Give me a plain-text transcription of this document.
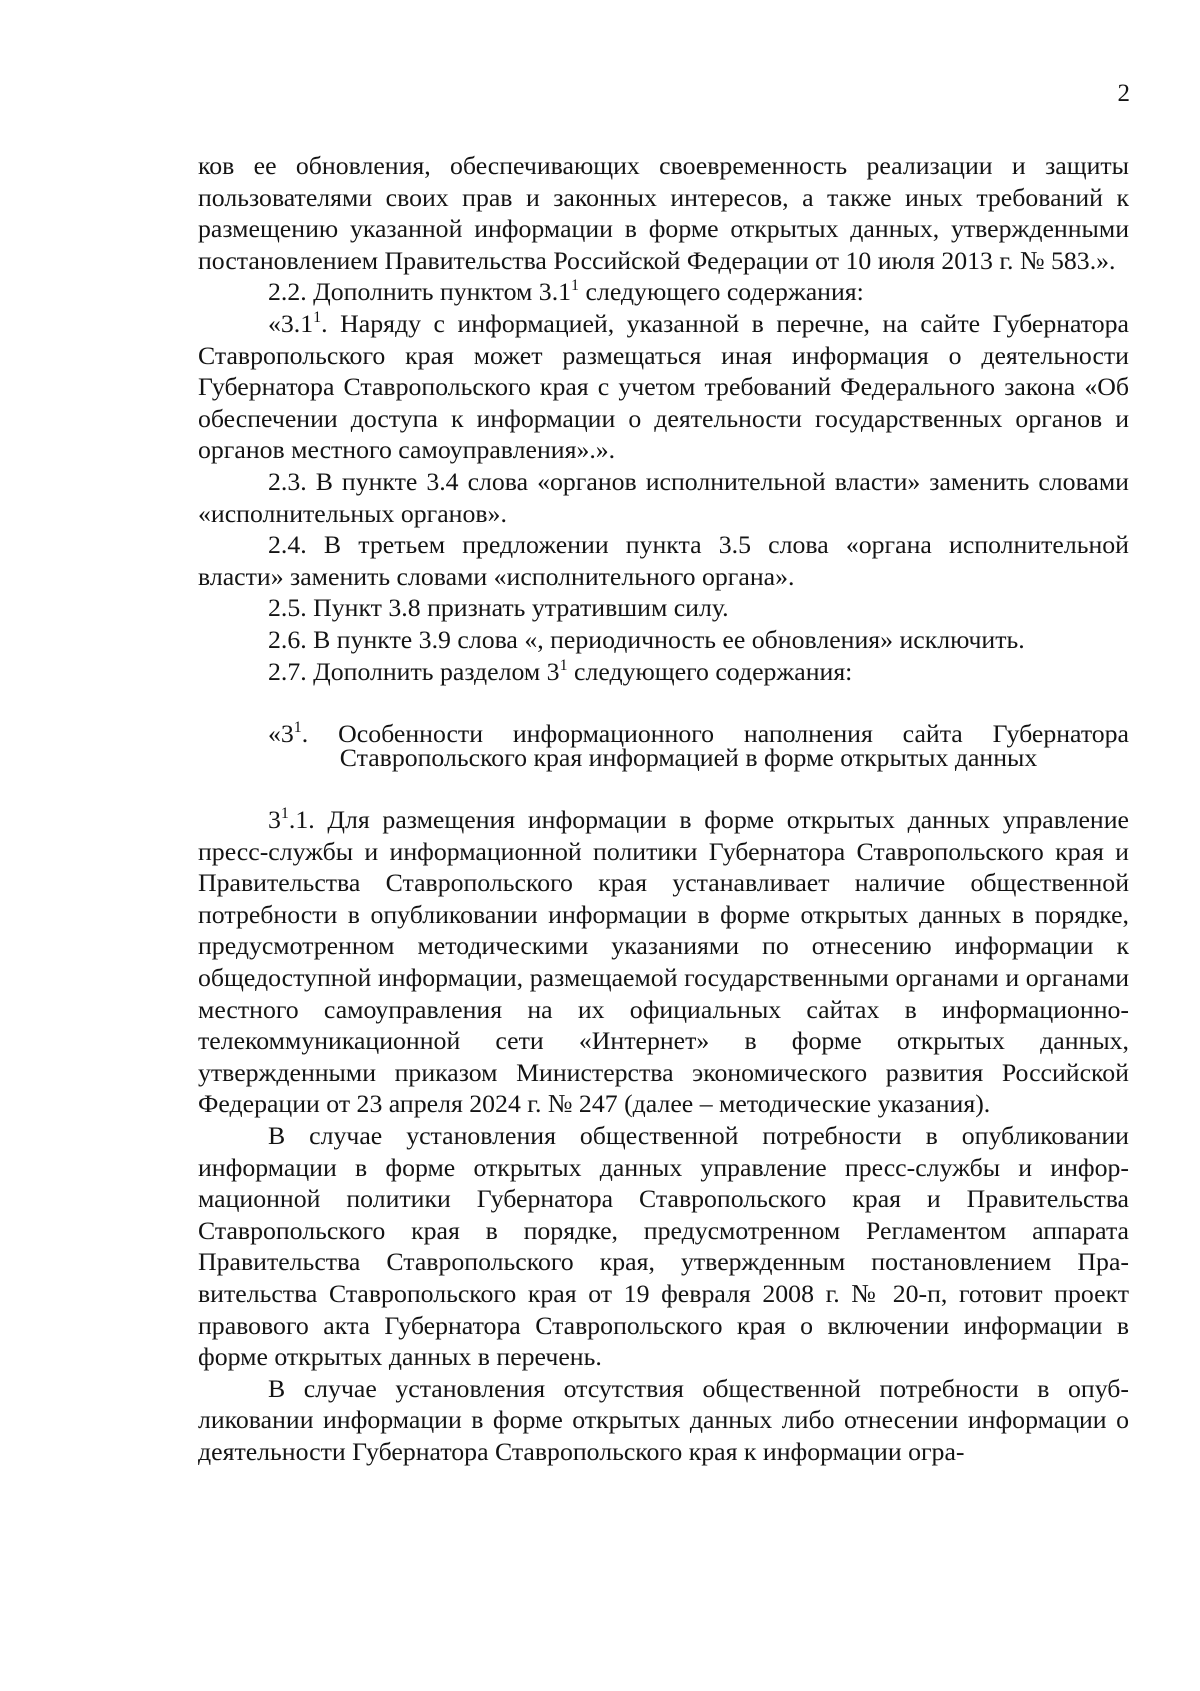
2

ков ее обновления, обеспечивающих своевременность реализации и защиты пользователями своих прав и законных интересов, а также иных требований к размещению указанной информации в форме открытых данных, утвержденными постановлением Правительства Российской Федерации от 10 июля 2013 г. № 583.».

2.2. Дополнить пунктом $3.1^1$ следующего содержания:

«$3.1^1$. Наряду с информацией, указанной в перечне, на сайте Губернатора Ставропольского края может размещаться иная информация о деятельности Губернатора Ставропольского края с учетом требований Федерального закона «Об обеспечении доступа к информации о деятельности государственных органов и органов местного самоуправления».».

2.3. В пункте 3.4 слова «органов исполнительной власти» заменить словами «исполнительных органов».

2.4. В третьем предложении пункта 3.5 слова «органа исполнительной власти» заменить словами «исполнительного органа».

2.5. Пункт 3.8 признать утратившим силу.

2.6. В пункте 3.9 слова «, периодичность ее обновления» исключить.

2.7. Дополнить разделом $3^1$ следующего содержания:

«$3^1$. Особенности информационного наполнения сайта Губернатора
Ставропольского края информацией в форме открытых данных

$3^1.1$. Для размещения информации в форме открытых данных управление пресс-службы и информационной политики Губернатора Ставропольского края и Правительства Ставропольского края устанавливает наличие общественной потребности в опубликовании информации в форме открытых данных в порядке, предусмотренном методическими указаниями по отнесению информации к общедоступной информации, размещаемой государственными органами и органами местного самоуправления на их официальных сайтах в информационно-телекоммуникационной сети «Интернет» в форме открытых данных, утвержденными приказом Министерства экономического развития Российской Федерации от 23 апреля 2024 г. № 247 (далее – методические указания).

В случае установления общественной потребности в опубликовании информации в форме открытых данных управление пресс-службы и информационной политики Губернатора Ставропольского края и Правительства Ставропольского края в порядке, предусмотренном Регламентом аппарата Правительства Ставропольского края, утвержденным постановлением Правительства Ставропольского края от 19 февраля 2008 г. № 20-п, готовит проект правового акта Губернатора Ставропольского края о включении информации в форме открытых данных в перечень.

В случае установления отсутствия общественной потребности в опубликовании информации в форме открытых данных либо отнесении информации о деятельности Губернатора Ставропольского края к информации огра-
